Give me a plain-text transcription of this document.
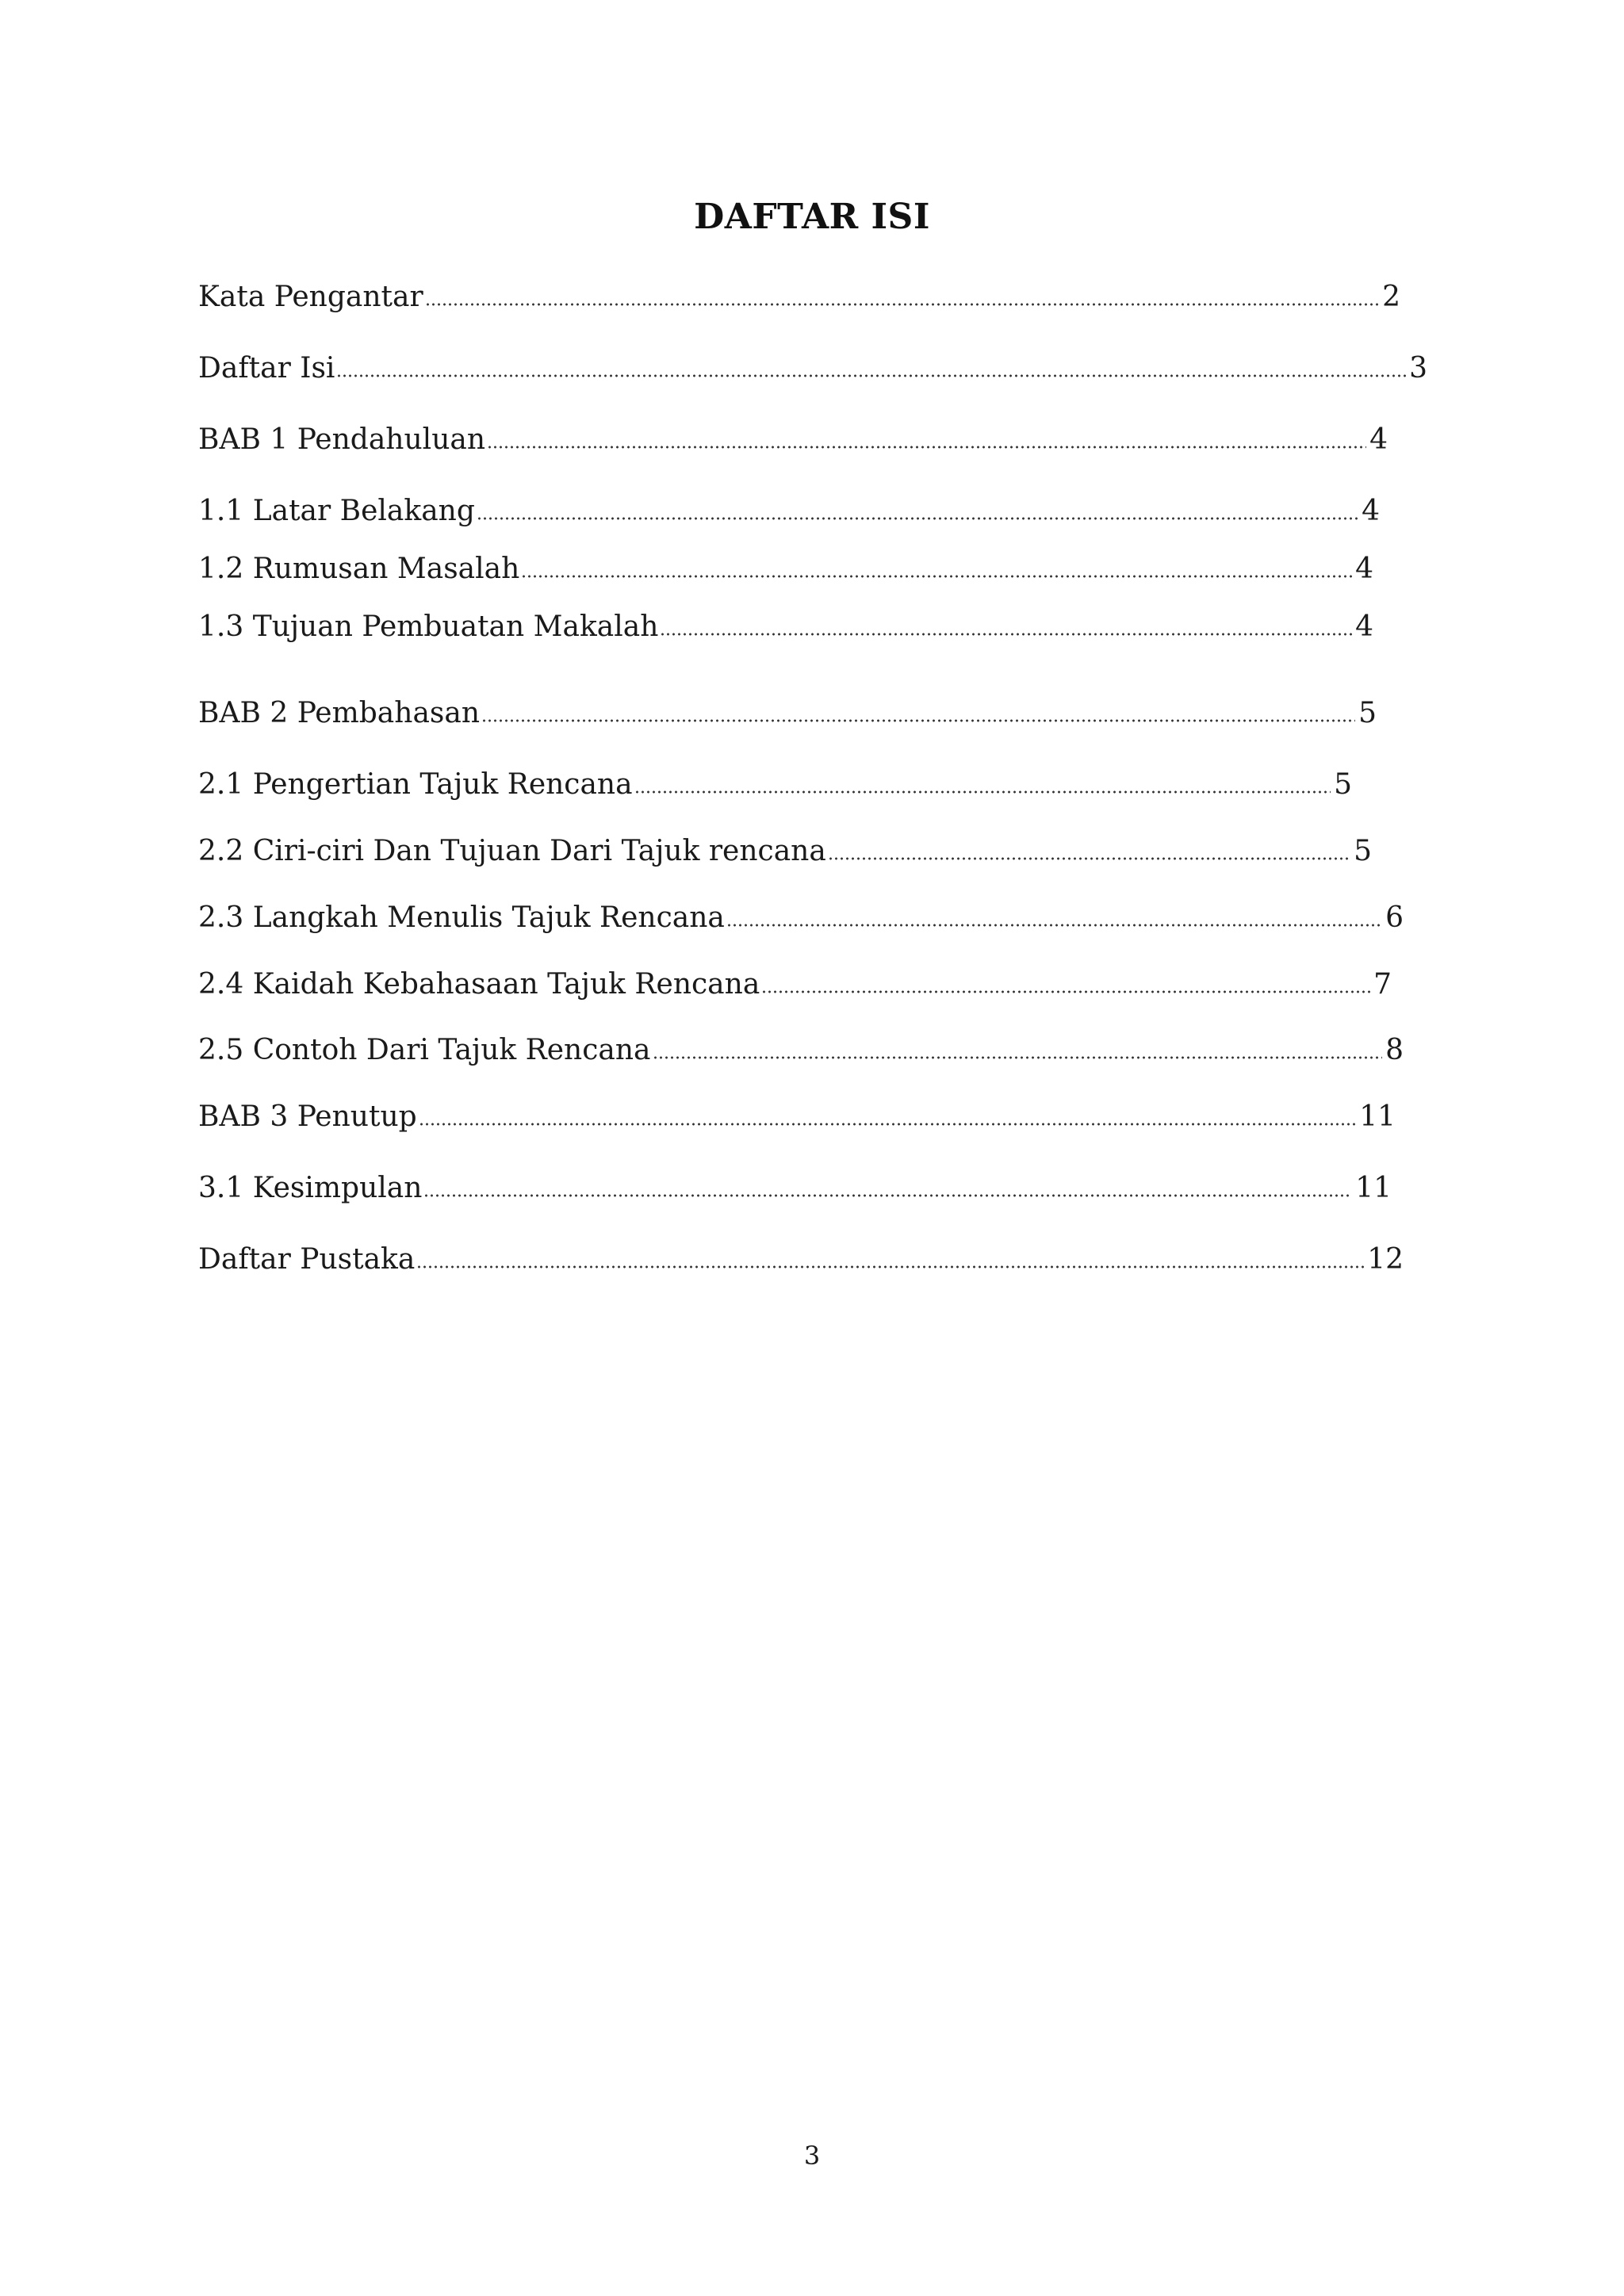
DAFTAR ISI
Kata Pengantar	2
Daftar Isi	3
BAB 1 Pendahuluan	4
1.1 Latar Belakang	4
1.2 Rumusan Masalah	4
1.3 Tujuan Pembuatan Makalah	4
BAB 2 Pembahasan	5
2.1 Pengertian Tajuk Rencana	5
2.2 Ciri-ciri Dan Tujuan Dari Tajuk rencana	5
2.3 Langkah Menulis Tajuk Rencana	6
2.4 Kaidah Kebahasaan Tajuk Rencana	7
2.5 Contoh Dari Tajuk Rencana	8
BAB 3 Penutup	11
3.1 Kesimpulan	11
Daftar Pustaka	12
3
